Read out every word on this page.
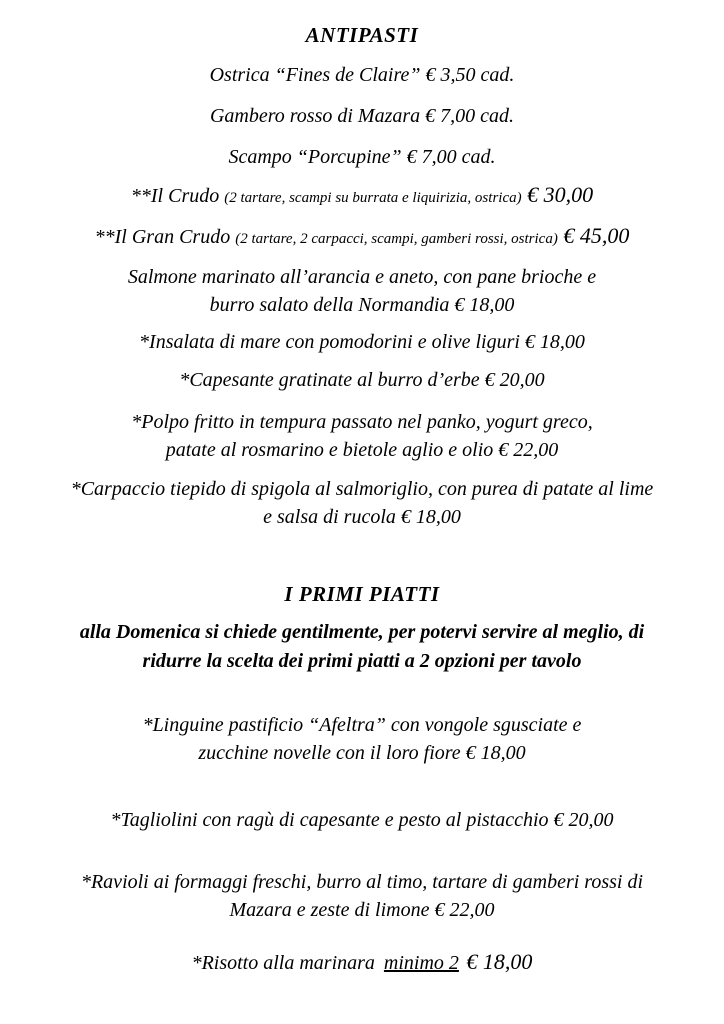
ANTIPASTI

Ostrica “Fines de Claire” € 3,50 cad.

Gambero rosso di Mazara € 7,00 cad.

Scampo “Porcupine” € 7,00 cad.

**Il Crudo (2 tartare, scampi su burrata e liquirizia, ostrica) € 30,00

**Il Gran Crudo (2 tartare, 2 carpacci, scampi, gamberi rossi, ostrica) € 45,00

Salmone marinato all’arancia e aneto, con pane brioche e
burro salato della Normandia € 18,00

*Insalata di mare con pomodorini e olive liguri € 18,00

*Capesante gratinate al burro d’erbe € 20,00

*Polpo fritto in tempura passato nel panko, yogurt greco,
patate al rosmarino e bietole aglio e olio € 22,00

*Carpaccio tiepido di spigola al salmoriglio, con purea di patate al lime
e salsa di rucola € 18,00

I PRIMI PIATTI

alla Domenica si chiede gentilmente, per potervi servire al meglio, di
ridurre la scelta dei primi piatti a 2 opzioni per tavolo

*Linguine pastificio “Afeltra” con vongole sgusciate e
zucchine novelle con il loro fiore € 18,00

*Tagliolini con ragù di capesante e pesto al pistacchio € 20,00

*Ravioli ai formaggi freschi, burro al timo, tartare di gamberi rossi di
Mazara e zeste di limone € 22,00

*Risotto alla marinara minimo 2 € 18,00
